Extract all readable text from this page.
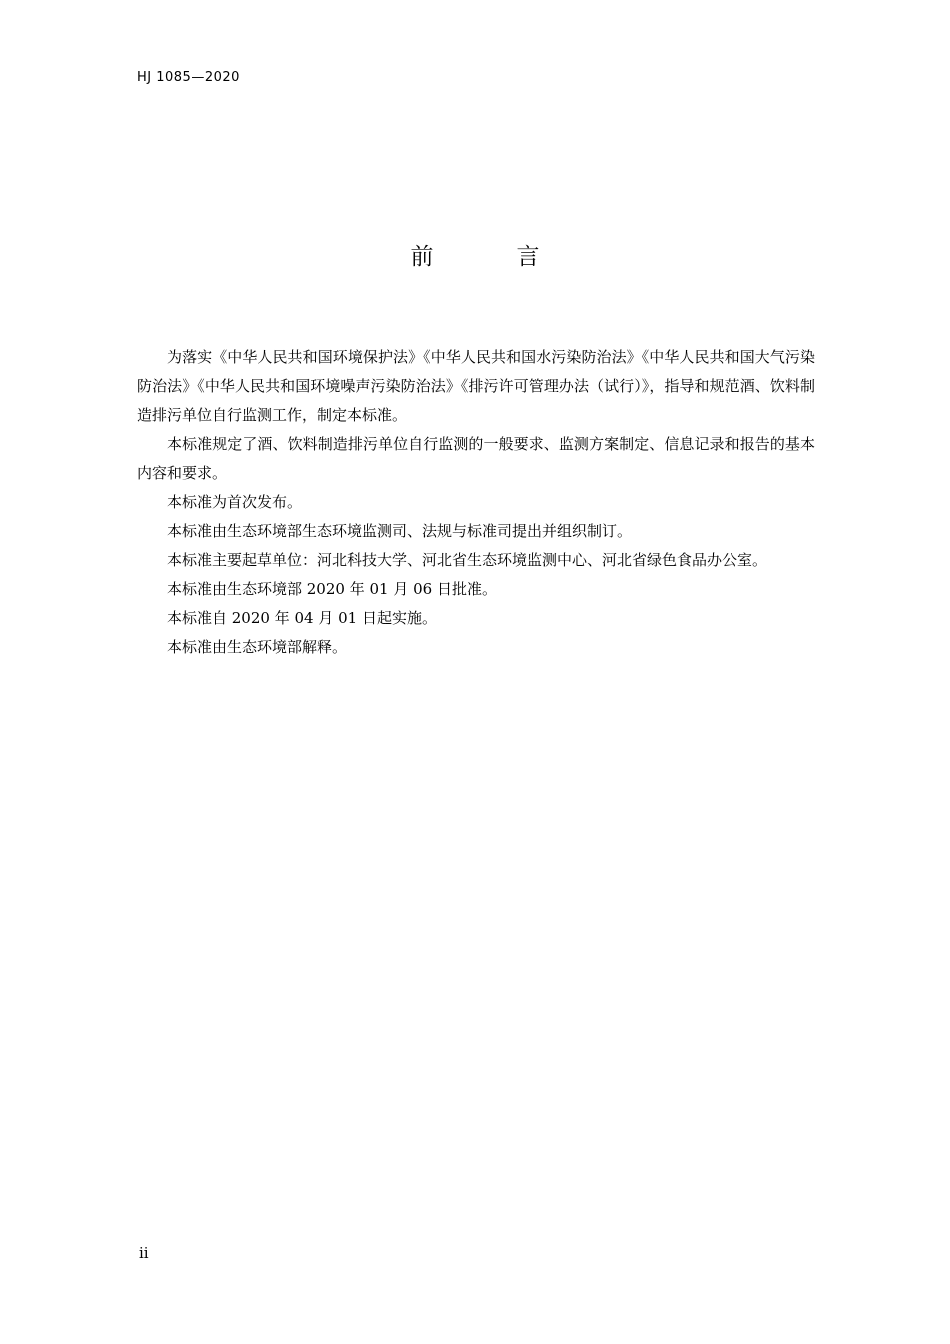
HJ 1085—2020
前　言

为落实《中华人民共和国环境保护法》《中华人民共和国水污染防治法》《中华人民共和国大气污染防治法》《中华人民共和国环境噪声污染防治法》《排污许可管理办法（试行）》，指导和规范酒、饮料制造排污单位自行监测工作，制定本标准。

本标准规定了酒、饮料制造排污单位自行监测的一般要求、监测方案制定、信息记录和报告的基本内容和要求。

本标准为首次发布。

本标准由生态环境部生态环境监测司、法规与标准司提出并组织制订。

本标准主要起草单位：河北科技大学、河北省生态环境监测中心、河北省绿色食品办公室。

本标准由生态环境部 2020 年 01 月 06 日批准。

本标准自 2020 年 04 月 01 日起实施。

本标准由生态环境部解释。

ii
